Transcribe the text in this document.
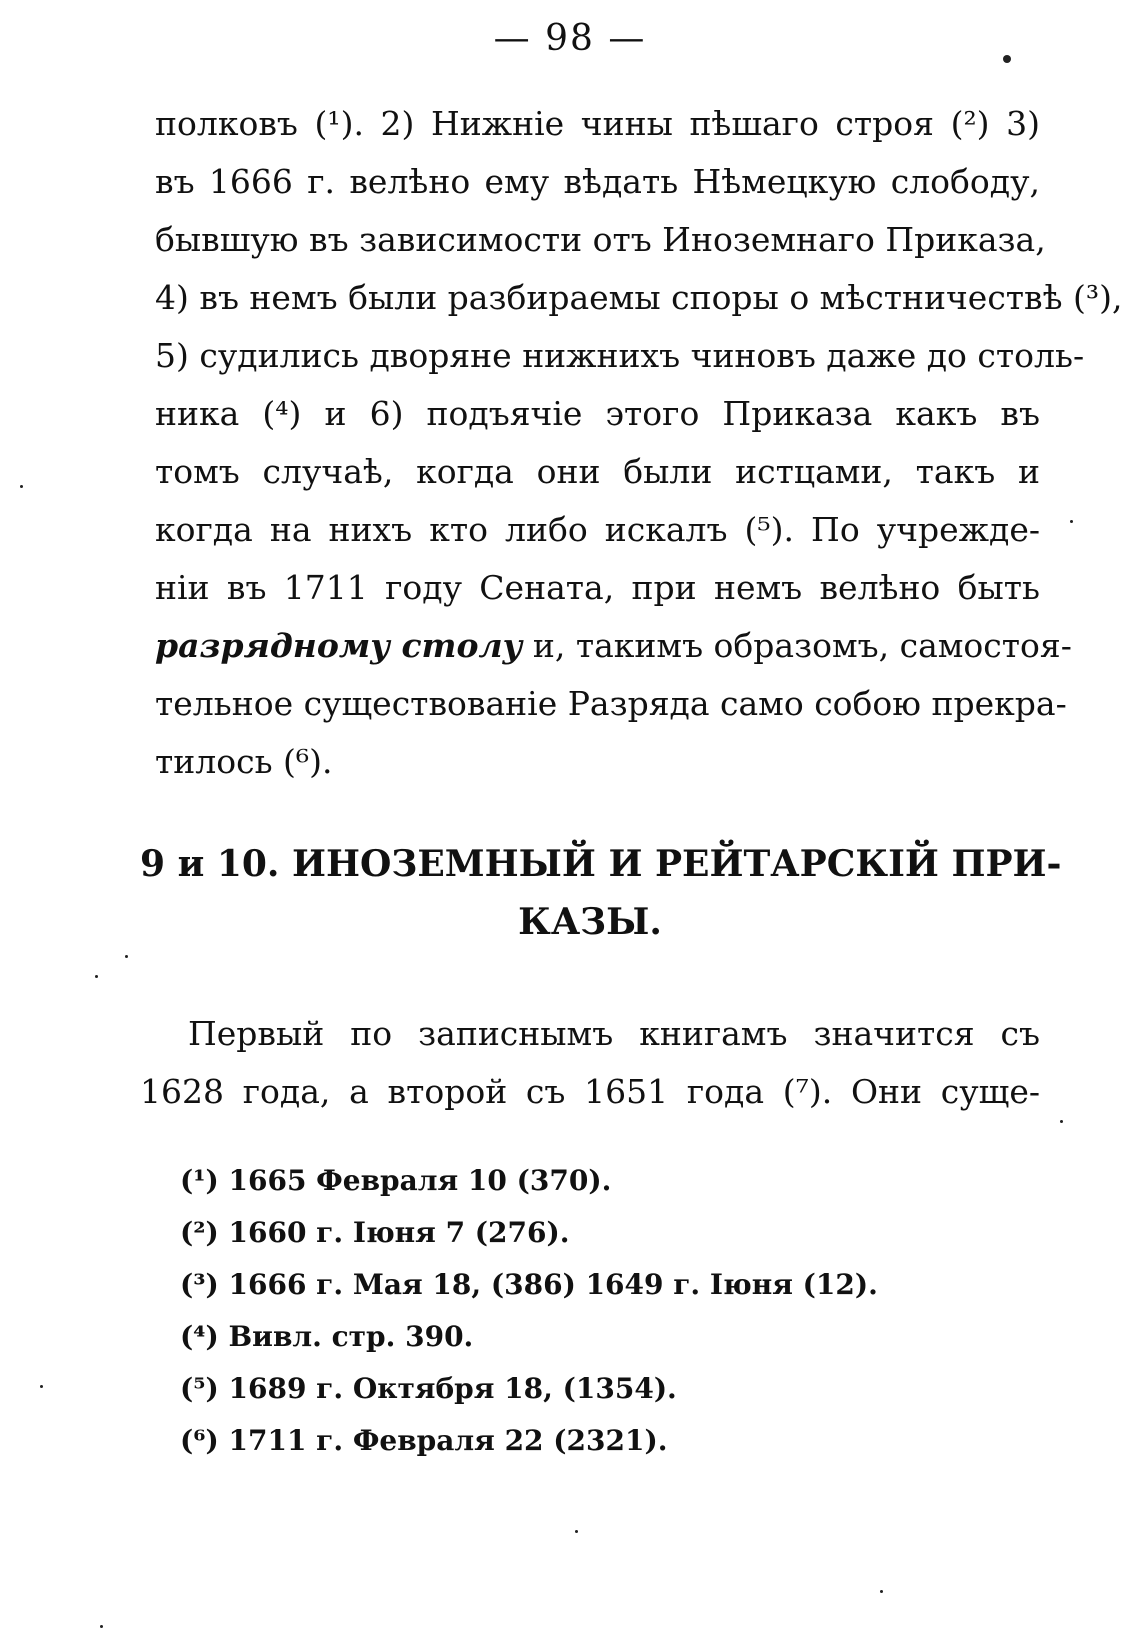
— 98 —
полковъ (¹). 2) Нижніе чины пѣшаго строя (²) 3)
въ 1666 г. велѣно ему вѣдать Нѣмецкую слободу,
бывшую въ зависимости отъ Иноземнаго Приказа,
4) въ немъ были разбираемы споры о мѣстничествѣ (³),
5) судились дворяне нижнихъ чиновъ даже до столь-
ника (⁴) и 6) подъячіе этого Приказа какъ въ
томъ случаѣ, когда они были истцами, такъ и
когда на нихъ кто либо искалъ (⁵). По учрежде-
ніи въ 1711 году Сената, при немъ велѣно быть
разрядному столу и, такимъ образомъ, самостоя-
тельное существованіе Разряда само собою прекра-
тилось (⁶).
9 и 10. ИНОЗЕМНЫЙ И РЕЙТАРСКІЙ ПРИ-
КАЗЫ.
Первый по записнымъ книгамъ значится съ
1628 года, а второй съ 1651 года (⁷). Они суще-
(¹) 1665 Февраля 10 (370).
(²) 1660 г. Іюня 7 (276).
(³) 1666 г. Мая 18, (386) 1649 г. Іюня (12).
(⁴) Вивл. стр. 390.
(⁵) 1689 г. Октября 18, (1354).
(⁶) 1711 г. Февраля 22 (2321).
